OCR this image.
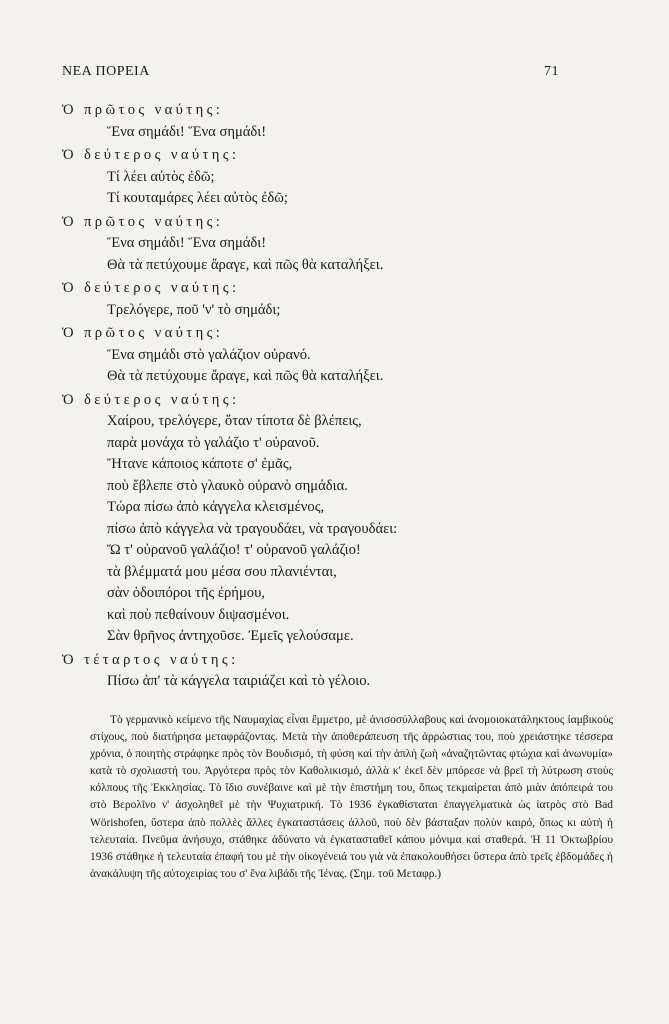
ΝΕΑ ΠΟΡΕΙΑ	71
Ὁ πρῶτος ναύτης:
Ἕνα σημάδι! Ἕνα σημάδι!
Ὁ δεύτερος ναύτης:
Τί λέει αὐτὸς ἐδῶ;
Τί κουταμάρες λέει αὐτὸς ἐδῶ;
Ὁ πρῶτος ναύτης:
Ἕνα σημάδι! Ἕνα σημάδι!
Θὰ τὰ πετύχουμε ἄραγε, καὶ πῶς θὰ καταλήξει.
Ὁ δεύτερος ναύτης:
Τρελόγερε, ποῦ 'ν' τὸ σημάδι;
Ὁ πρῶτος ναύτης:
Ἕνα σημάδι στὸ γαλάζιον οὐρανό.
Θὰ τὰ πετύχουμε ἄραγε, καὶ πῶς θὰ καταλήξει.
Ὁ δεύτερος ναύτης:
Χαίρου, τρελόγερε, ὅταν τίποτα δὲ βλέπεις,
παρὰ μονάχα τὸ γαλάζιο τ' οὐρανοῦ.
Ἤτανε κάποιος κάποτε σ' ἐμᾶς,
ποὺ ἔβλεπε στὸ γλαυκὸ οὐρανὸ σημάδια.
Τώρα πίσω ἀπὸ κάγγελα κλεισμένος,
πίσω ἀπὸ κάγγελα νὰ τραγουδάει, νὰ τραγουδάει:
Ὤ τ' οὐρανοῦ γαλάζιο! τ' οὐρανοῦ γαλάζιο!
τὰ βλέμματά μου μέσα σου πλανιένται,
σὰν ὁδοιπόροι τῆς ἐρήμου,
καὶ ποὺ πεθαίνουν διψασμένοι.
Σὰν θρῆνος ἀντηχοῦσε. Ἐμεῖς γελούσαμε.
Ὁ τέταρτος ναύτης:
Πίσω ἀπ' τὰ κάγγελα ταιριάζει καὶ τὸ γέλοιο.

Τὸ γερμανικὸ κείμενο τῆς Ναυμαχίας εἶναι ἔμμετρο, μὲ ἀνισοσύλλαβους καὶ ἀνομοιοκατάληκτους ἰαμβικοὺς στίχους, ποὺ διατήρησα μεταφράζοντας. Μετὰ τὴν ἀποθεράπευση τῆς ἀρρώστιας του, ποὺ χρειάστηκε τέσσερα χρόνια, ὁ ποιητὴς στράφηκε πρὸς τὸν Βουδισμό, τὴ φύση καὶ τὴν ἁπλὴ ζωὴ «ἀναζητῶντας φτώχια καὶ ἀνωνυμία» κατὰ τὸ σχολιαστή του. Ἀργότερα πρὸς τὸν Καθολικισμό, ἀλλὰ κ' ἐκεῖ δὲν μπόρεσε νὰ βρεῖ τὴ λύτρωση στοὺς κόλπους τῆς Ἐκκλησίας. Τὸ ἴδιο συνέβαινε καὶ μὲ τὴν ἐπιστήμη του, ὅπως τεκμαίρεται ἀπὸ μιὰν ἀπόπειρά του στὸ Βερολῖνο ν' ἀσχοληθεῖ μὲ τὴν Ψυχιατρική. Τὸ 1936 ἐγκαθίσταται ἐπαγγελματικὰ ὡς ἰατρὸς στὸ Bad Wörishofen, ὕστερα ἀπὸ πολλὲς ἄλλες ἐγκαταστάσεις ἀλλοῦ, ποὺ δὲν βάσταξαν πολὺν καιρό, ὅπως κι αὐτὴ ἡ τελευταία. Πνεῦμα ἀνήσυχο, στάθηκε ἀδύνατο νὰ ἐγκατασταθεῖ κάπου μόνιμα καὶ σταθερά. Ἡ 11 Ὀκτωβρίου 1936 στάθηκε ἡ τελευταία ἐπαφή του μὲ τὴν οἰκογένειά του γιὰ νὰ ἐπακολουθήσει ὕστερα ἀπὸ τρεῖς ἑβδομάδες ἡ ἀνακάλυψη τῆς αὐτοχειρίας του σ' ἕνα λιβάδι τῆς Ἰένας. (Σημ. τοῦ Μεταφρ.)
